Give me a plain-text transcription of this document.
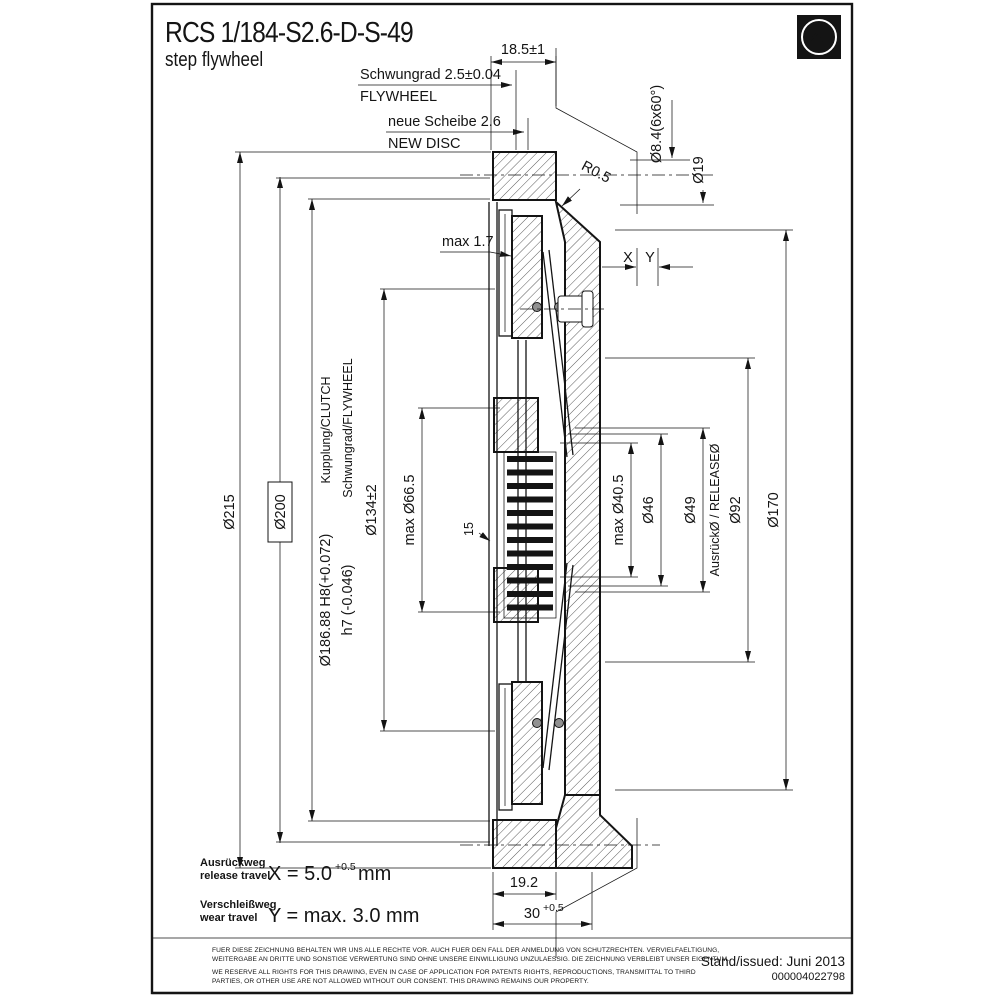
RCS 1/184-S2.6-D-S-49
step flywheel
ZF
18.5±1
Schwungrad 2.5±0.04
FLYWHEEL
neue Scheibe 2.6
NEW DISC	Ø8.4(6x60°)
Ø19
R0.5
max 1.7
X Y
Ø215 Ø200
Ø186.88 H8(+0.072)
Kupplung/CLUTCH
h7 (-0.046)
Schwungrad/FLYWHEEL
Ø134±2 max Ø66.5	15	max Ø40.5 Ø46 Ø49 AusrückØ / RELEASEØ Ø92 Ø170
19.2
30 +0.5
Ausrückweg
release travel
X = 5.0 +0.5 mm
Verschleißweg
wear travel Y = max. 3.0 mm
FUER DIESE ZEICHNUNG BEHALTEN WIR UNS ALLE RECHTE VOR. AUCH FUER DEN FALL DER ANMELDUNG VON SCHUTZRECHTEN. VERVIELFAELTIGUNG,
WEITERGABE AN DRITTE UND SONSTIGE VERWERTUNG SIND OHNE UNSERE EINWILLIGUNG UNZULAESSIG. DIE ZEICHNUNG VERBLEIBT UNSER EIGENTUM.
WE RESERVE ALL RIGHTS FOR THIS DRAWING, EVEN IN CASE OF APPLICATION FOR PATENTS RIGHTS, REPRODUCTIONS, TRANSMITTAL TO THIRD
PARTIES, OR OTHER USE ARE NOT ALLOWED WITHOUT OUR CONSENT. THIS DRAWING REMAINS OUR PROPERTY.
Stand/issued: Juni 2013
000004022798
